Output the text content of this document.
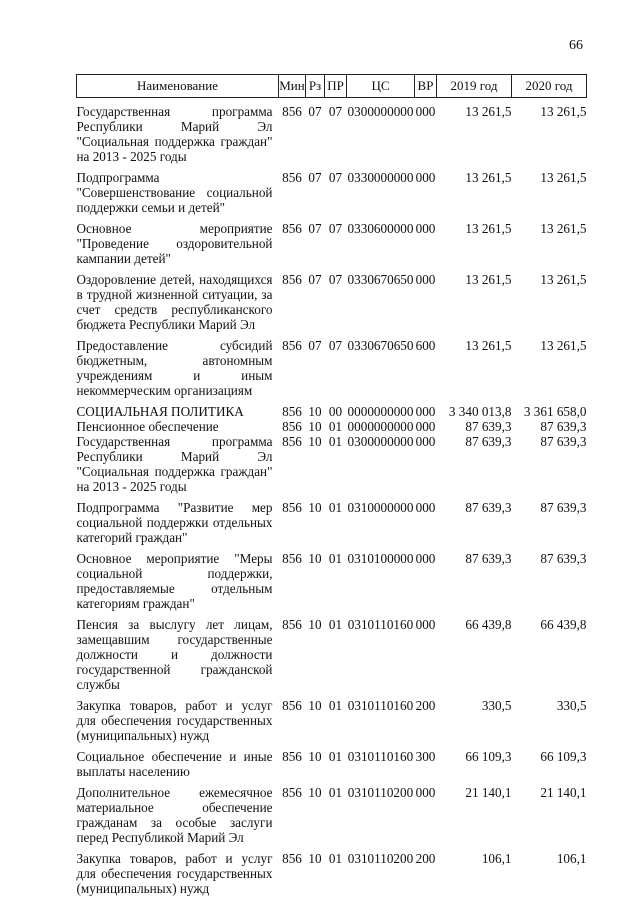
66
Наименование	Мин	Рз	ПР	ЦС	ВР	2019 год	2020 год
Государственная программа Республики Марий Эл "Социальная поддержка граждан" на 2013 - 2025 годы	856	07	07	0300000000	000	13 261,5	13 261,5
Подпрограмма "Совершенствование социальной поддержки семьи и детей"	856	07	07	0330000000	000	13 261,5	13 261,5
Основное мероприятие "Проведение оздоровительной кампании детей"	856	07	07	0330600000	000	13 261,5	13 261,5
Оздоровление детей, находящихся в трудной жизненной ситуации, за счет средств республиканского бюджета Республики Марий Эл	856	07	07	0330670650	000	13 261,5	13 261,5
Предоставление субсидий бюджетным, автономным учреждениям и иным некоммерческим организациям	856	07	07	0330670650	600	13 261,5	13 261,5
СОЦИАЛЬНАЯ ПОЛИТИКА	856	10	00	0000000000	000	3 340 013,8	3 361 658,0
Пенсионное обеспечение	856	10	01	0000000000	000	87 639,3	87 639,3
Государственная программа Республики Марий Эл "Социальная поддержка граждан" на 2013 - 2025 годы	856	10	01	0300000000	000	87 639,3	87 639,3
Подпрограмма "Развитие мер социальной поддержки отдельных категорий граждан"	856	10	01	0310000000	000	87 639,3	87 639,3
Основное мероприятие "Меры социальной поддержки, предоставляемые отдельным категориям граждан"	856	10	01	0310100000	000	87 639,3	87 639,3
Пенсия за выслугу лет лицам, замещавшим государственные должности и должности государственной гражданской службы	856	10	01	0310110160	000	66 439,8	66 439,8
Закупка товаров, работ и услуг для обеспечения государственных (муниципальных) нужд	856	10	01	0310110160	200	330,5	330,5
Социальное обеспечение и иные выплаты населению	856	10	01	0310110160	300	66 109,3	66 109,3
Дополнительное ежемесячное материальное обеспечение гражданам за особые заслуги перед Республикой Марий Эл	856	10	01	0310110200	000	21 140,1	21 140,1
Закупка товаров, работ и услуг для обеспечения государственных (муниципальных) нужд	856	10	01	0310110200	200	106,1	106,1
